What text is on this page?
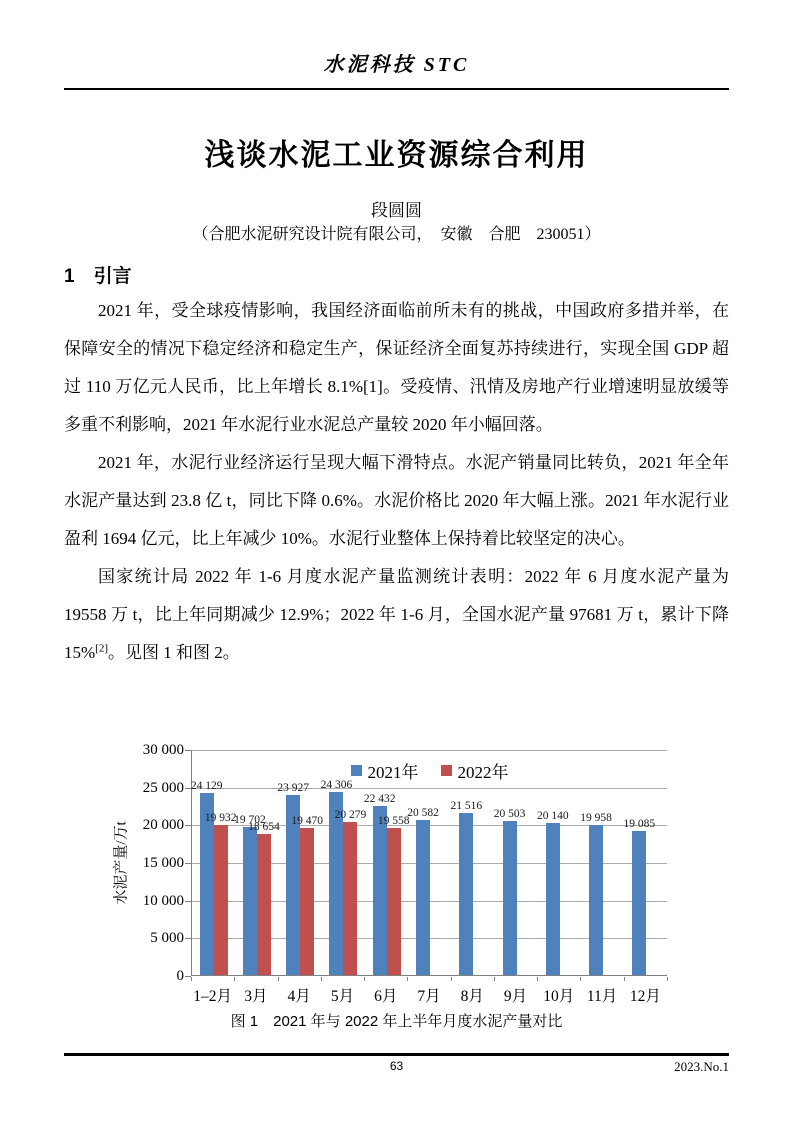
水泥科技 STC
浅谈水泥工业资源综合利用
段圆圆
（合肥水泥研究设计院有限公司，　安徽　合肥　230051）
1　引言

2021 年，受全球疫情影响，我国经济面临前所未有的挑战，中国政府多措并举，在保障安全的情况下稳定经济和稳定生产，保证经济全面复苏持续进行，实现全国 GDP 超过 110 万亿元人民币，比上年增长 8.1%[1]。受疫情、汛情及房地产行业增速明显放缓等多重不利影响，2021 年水泥行业水泥总产量较 2020 年小幅回落。

2021 年，水泥行业经济运行呈现大幅下滑特点。水泥产销量同比转负，2021 年全年水泥产量达到 23.8 亿 t，同比下降 0.6%。水泥价格比 2020 年大幅上涨。2021 年水泥行业盈利 1694 亿元，比上年减少 10%。水泥行业整体上保持着比较坚定的决心。

国家统计局 2022 年 1-6 月度水泥产量监测统计表明：2022 年 6 月度水泥产量为 19558 万 t，比上年同期减少 12.9%；2022 年 1-6 月，全国水泥产量 97681 万 t，累计下降 15%[2]。见图 1 和图 2。

水泥产量/万t
24 129
19 702
23 927	24 306
22 432
20 582
21 516
20 503	20 140	19 958
19 085
19 932
18 654
19 470
20 279	19 558
2021年 2022年
0
5 000
10 000
15 000
20 000
25 000
30 000
1–2月 3月	4月	5月	6月	7月	8月	9月	10月 11月 12月
图 1　2021 年与 2022 年上半年月度水泥产量对比
63	2023.No.1
